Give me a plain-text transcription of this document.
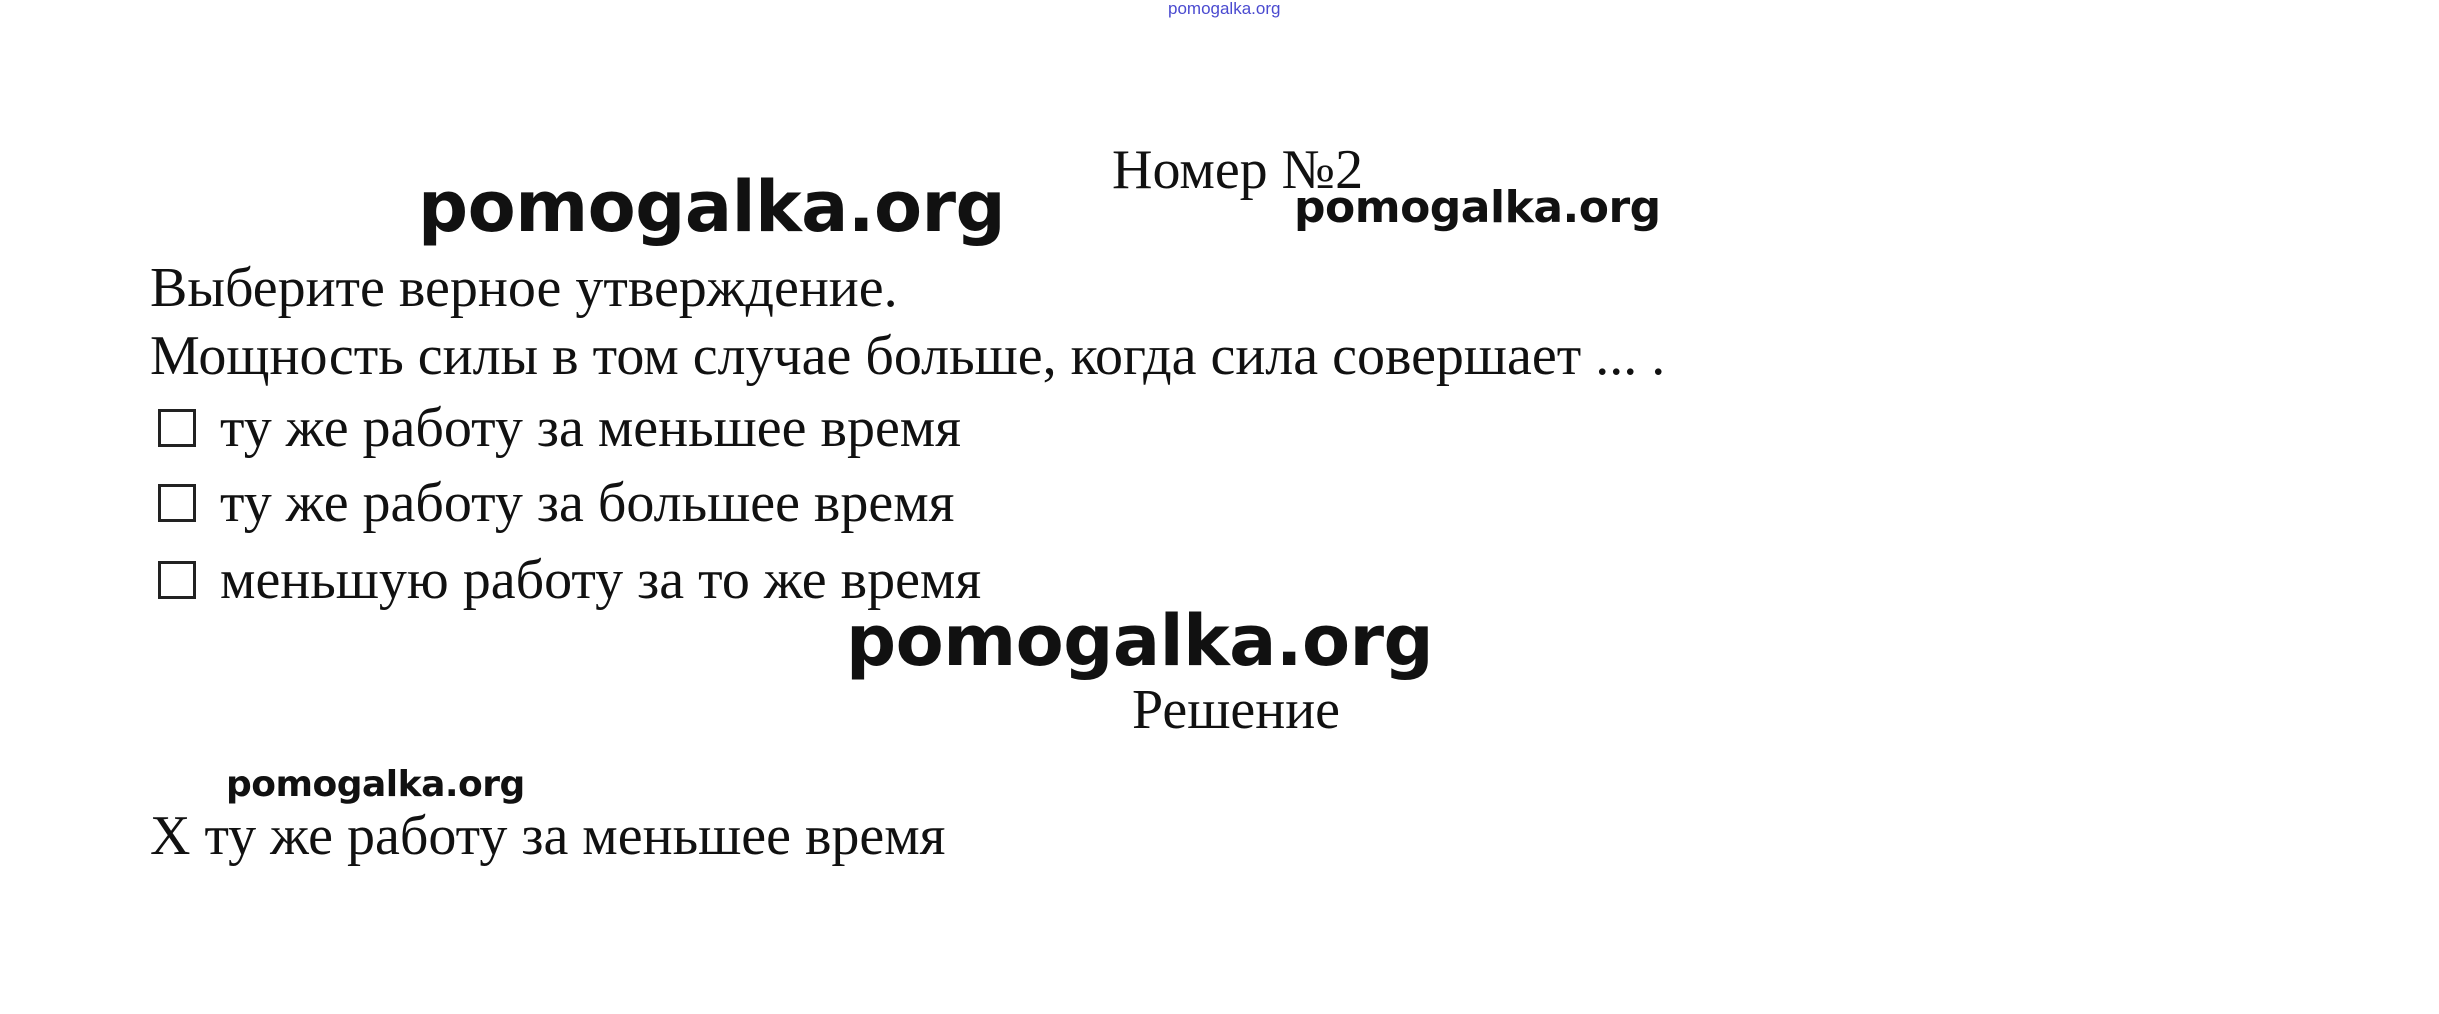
pomogalka.org
Номер №2
pomogalka.org	pomogalka.org
Выберите верное утверждение.
Мощность силы в том случае больше, когда сила совершает ... .
ту же работу за меньшее время
ту же работу за большее время
меньшую работу за то же время
pomogalka.org
Решение
pomogalka.org
X ту же работу за меньшее время
